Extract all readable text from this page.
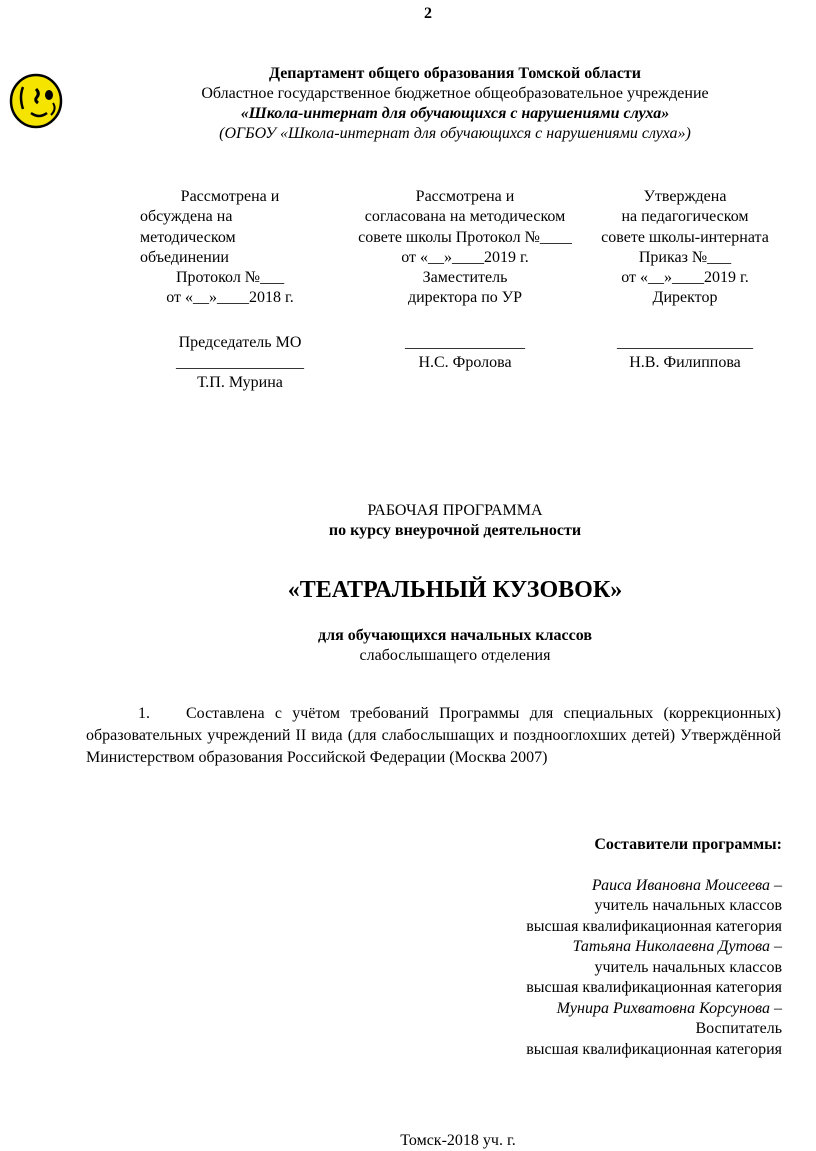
2
Департамент общего образования Томской области
Областное государственное бюджетное общеобразовательное учреждение
«Школа-интернат для обучающихся с нарушениями слуха»
(ОГБОУ «Школа-интернат для обучающихся с нарушениями слуха»)
Рассмотрена и
обсуждена на
методическом
объединении
Протокол №___
от «__»____2018 г.
Председатель МО
________________
Т.П. Мурина
Рассмотрена и
согласована на методическом
совете школы Протокол №____
от «__»____2019 г.
Заместитель
директора по УР
_______________
Н.С. Фролова
Утверждена
на педагогическом
совете школы-интерната
Приказ №___
от «__»____2019 г.
Директор
_________________
Н.В. Филиппова
РАБОЧАЯ ПРОГРАММА
по курсу внеурочной деятельности
«ТЕАТРАЛЬНЫЙ КУЗОВОК»
для обучающихся начальных классов
слабослышащего отделения
1. Составлена с учётом требований Программы для специальных (коррекционных) образовательных учреждений II вида (для слабослышащих и позднооглохших детей) Утверждённой Министерством образования Российской Федерации (Москва 2007)
Составители программы:
Раиса Ивановна Моисеева –
учитель начальных классов
высшая квалификационная категория
Татьяна Николаевна Дутова –
учитель начальных классов
высшая квалификационная категория
Мунира Рихватовна Корсунова –
Воспитатель
высшая квалификационная категория
Томск-2018 уч. г.
